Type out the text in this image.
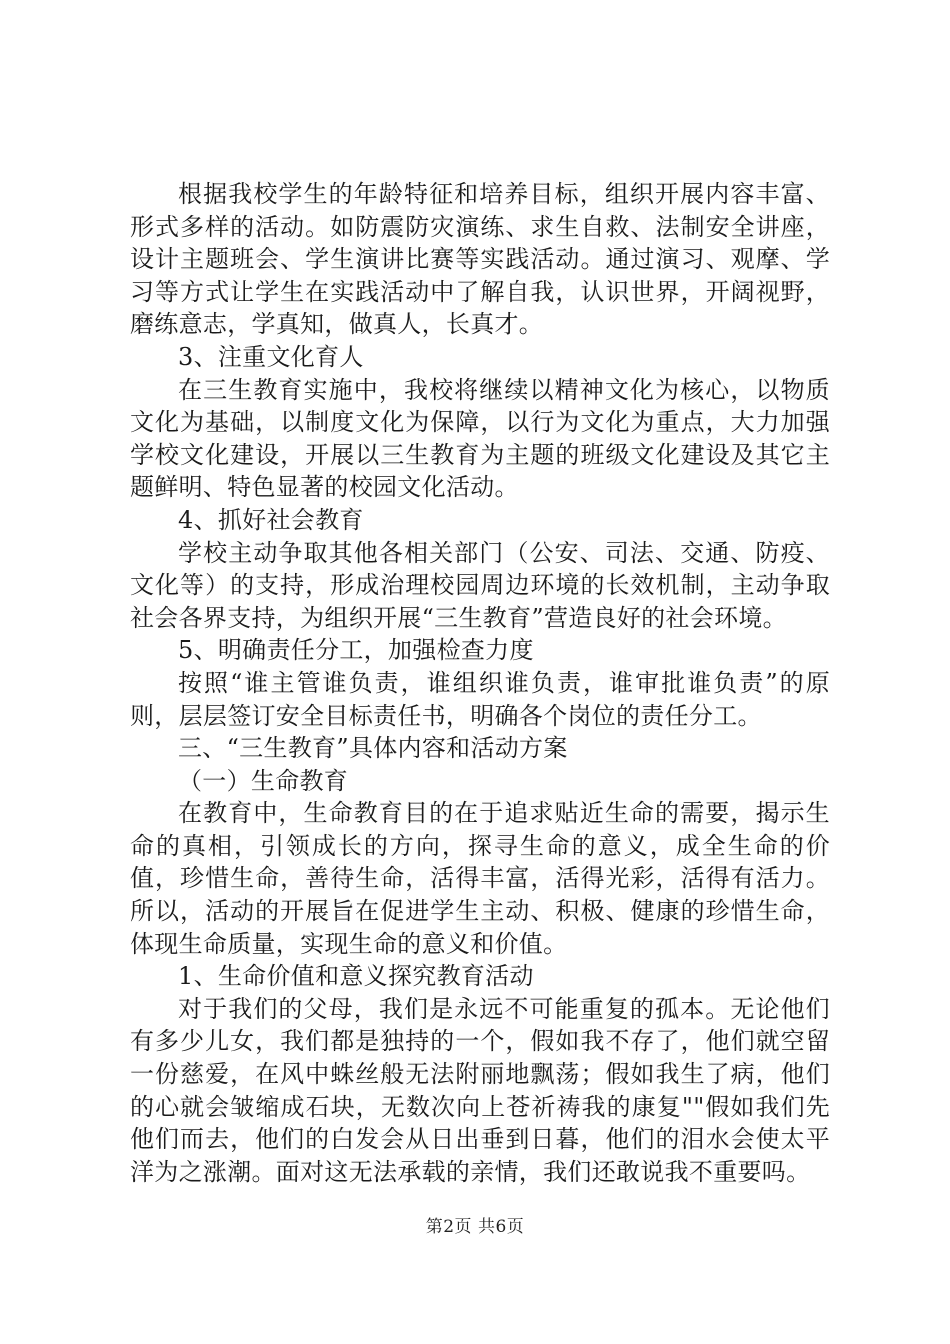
根据我校学生的年龄特征和培养目标，组织开展内容丰富、形式多样的活动。如防震防灾演练、求生自救、法制安全讲座，设计主题班会、学生演讲比赛等实践活动。通过演习、观摩、学习等方式让学生在实践活动中了解自我，认识世界，开阔视野，磨练意志，学真知，做真人，长真才。

3、注重文化育人

在三生教育实施中，我校将继续以精神文化为核心，以物质文化为基础，以制度文化为保障，以行为文化为重点，大力加强学校文化建设，开展以三生教育为主题的班级文化建设及其它主题鲜明、特色显著的校园文化活动。

4、抓好社会教育

学校主动争取其他各相关部门（公安、司法、交通、防疫、文化等）的支持，形成治理校园周边环境的长效机制，主动争取社会各界支持，为组织开展“三生教育”营造良好的社会环境。

5、明确责任分工，加强检查力度

按照“谁主管谁负责，谁组织谁负责，谁审批谁负责”的原则，层层签订安全目标责任书，明确各个岗位的责任分工。

三、“三生教育”具体内容和活动方案

（一）生命教育

在教育中，生命教育目的在于追求贴近生命的需要，揭示生命的真相，引领成长的方向，探寻生命的意义，成全生命的价值，珍惜生命，善待生命，活得丰富，活得光彩，活得有活力。所以，活动的开展旨在促进学生主动、积极、健康的珍惜生命，体现生命质量，实现生命的意义和价值。

1、生命价值和意义探究教育活动

对于我们的父母，我们是永远不可能重复的孤本。无论他们有多少儿女，我们都是独持的一个，假如我不存了，他们就空留一份慈爱，在风中蛛丝般无法附丽地飘荡；假如我生了病，他们的心就会皱缩成石块，无数次向上苍祈祷我的康复""假如我们先他们而去，他们的白发会从日出垂到日暮，他们的泪水会使太平洋为之涨潮。面对这无法承载的亲情，我们还敢说我不重要吗。

第2页 共6页
